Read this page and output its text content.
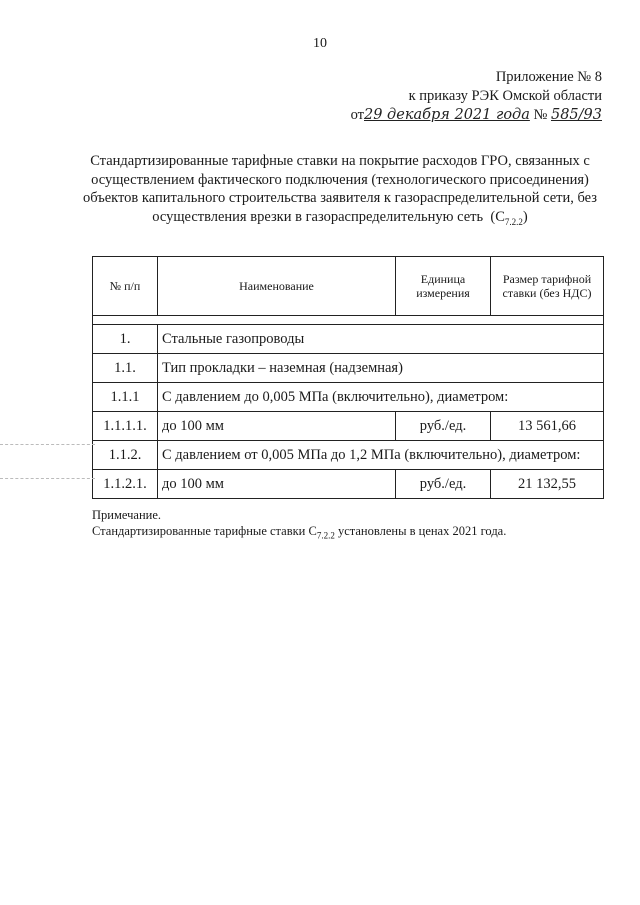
10
Приложение № 8
к приказу РЭК Омской области
от29 декабря 2021 года № 585/93
Стандартизированные тарифные ставки на покрытие расходов ГРО, связанных с осуществлением фактического подключения (технологического присоединения) объектов капитального строительства заявителя к газораспределительной сети, без осуществления врезки в газораспределительную сеть $(C_{7.2.2})$
№ п/п	Наименование	Единица измерения	Размер тарифной ставки (без НДС)

1.	Стальные газопроводы		
1.1.	Тип прокладки – наземная (надземная)		
1.1.1	С давлением до 0,005 МПа (включительно), диаметром:		
1.1.1.1.	до 100 мм	руб./ед.	13 561,66
1.1.2.	С давлением от 0,005 МПа до 1,2 МПа (включительно), диаметром:		
1.1.2.1.	до 100 мм	руб./ед.	21 132,55
Примечание.
Стандартизированные тарифные ставки $С_{7.2.2}$ установлены в ценах 2021 года.
